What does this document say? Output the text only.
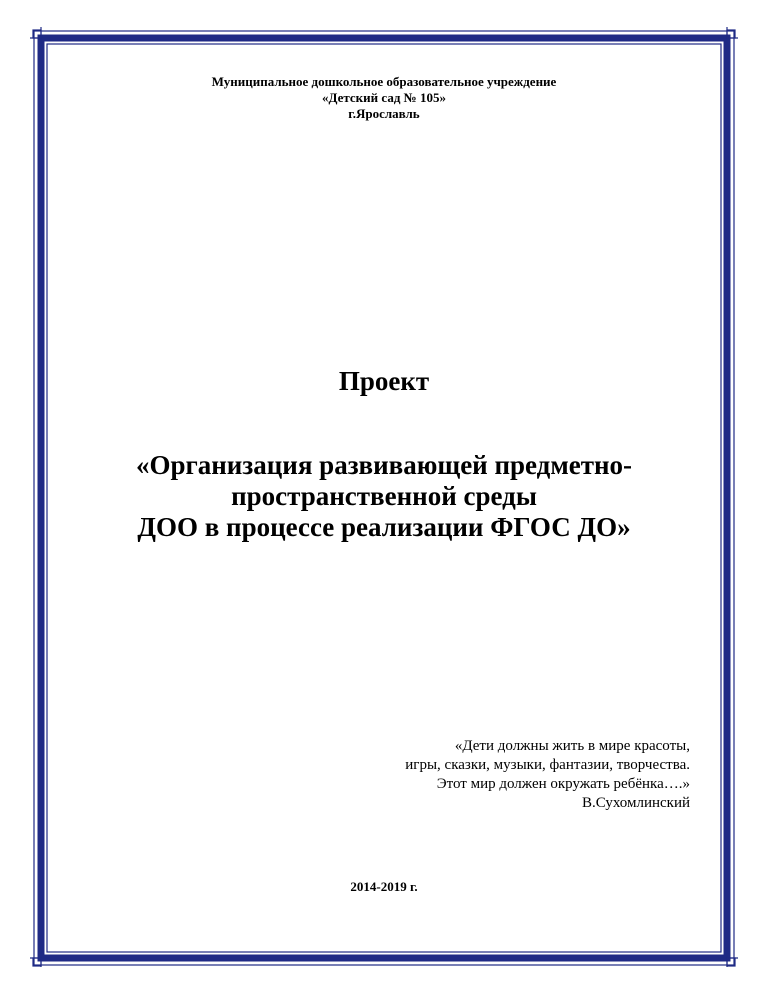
Муниципальное дошкольное образовательное учреждение
«Детский сад № 105»
г.Ярославль
Проект
«Организация развивающей предметно-
пространственной среды
ДОО в процессе реализации ФГОС ДО»
«Дети должны жить в мире красоты,
игры, сказки, музыки, фантазии, творчества.
Этот мир должен окружать ребёнка….»
В.Сухомлинский
2014-2019 г.
